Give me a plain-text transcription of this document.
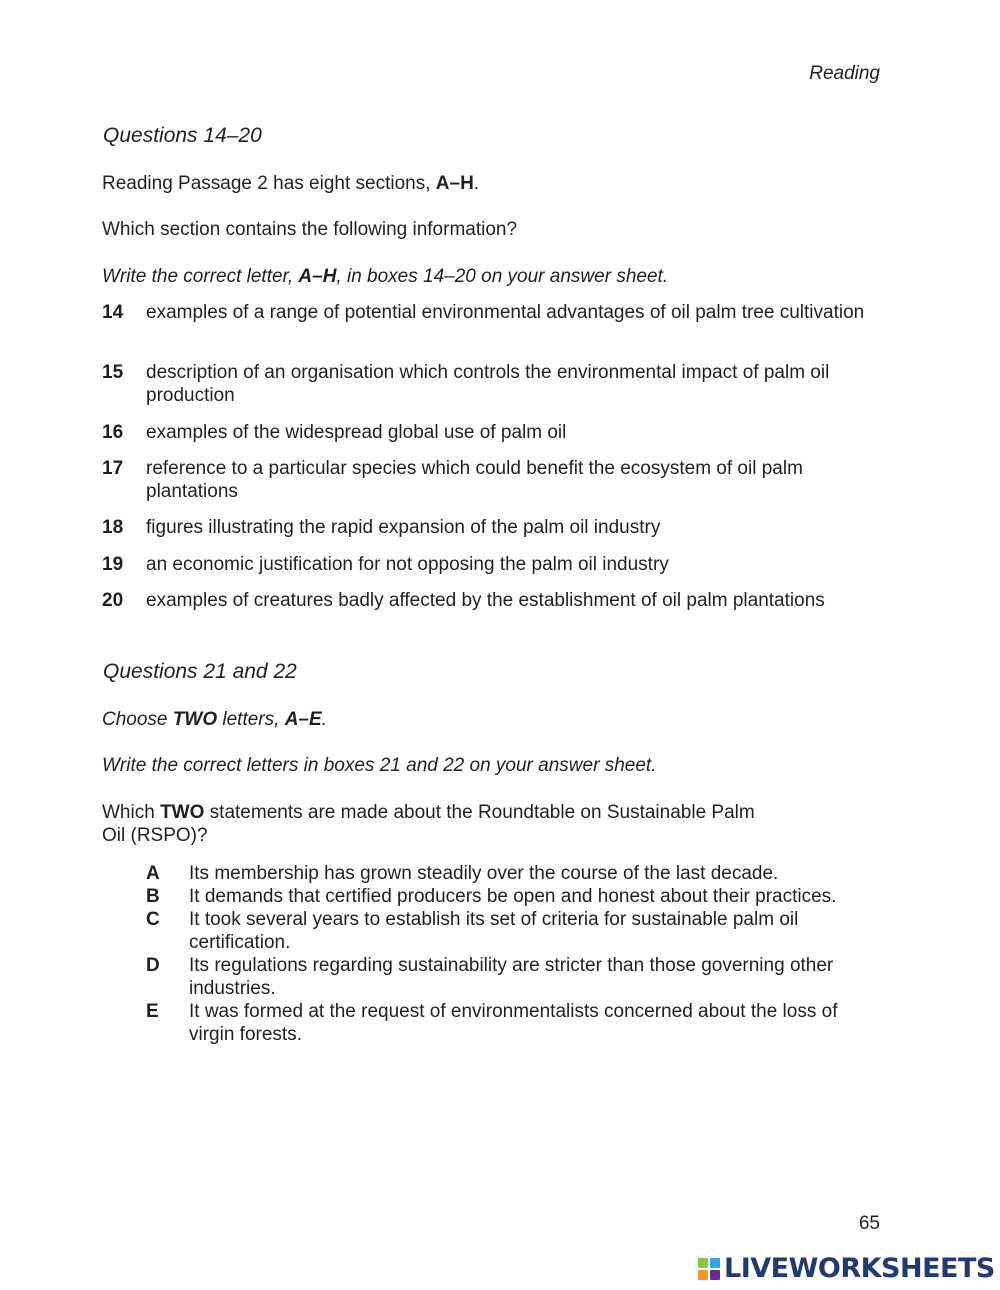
Reading
Questions 14–20
Reading Passage 2 has eight sections, A–H.
Which section contains the following information?
Write the correct letter, A–H, in boxes 14–20 on your answer sheet.
14	examples of a range of potential environmental advantages of oil palm tree cultivation
15	description of an organisation which controls the environmental impact of palm oil production
16	examples of the widespread global use of palm oil
17	reference to a particular species which could benefit the ecosystem of oil palm plantations
18	figures illustrating the rapid expansion of the palm oil industry
19	an economic justification for not opposing the palm oil industry
20	examples of creatures badly affected by the establishment of oil palm plantations
Questions 21 and 22
Choose TWO letters, A–E.
Write the correct letters in boxes 21 and 22 on your answer sheet.
Which TWO statements are made about the Roundtable on Sustainable Palm
Oil (RSPO)?
A	Its membership has grown steadily over the course of the last decade.
B	It demands that certified producers be open and honest about their practices.
C	It took several years to establish its set of criteria for sustainable palm oil certification.
D	Its regulations regarding sustainability are stricter than those governing other industries.
E	It was formed at the request of environmentalists concerned about the loss of virgin forests.
65
LIVEWORKSHEETS
